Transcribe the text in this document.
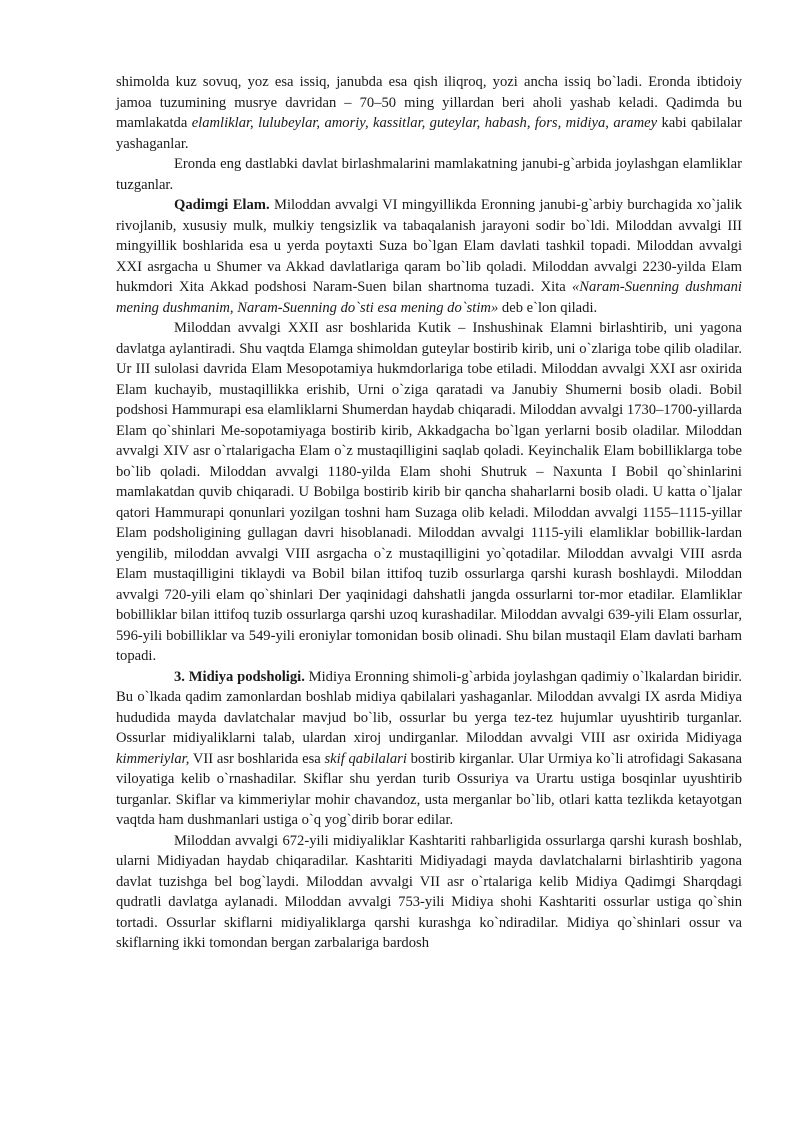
shimolda kuz sovuq, yoz esa issiq, janubda esa qish iliqroq, yozi ancha issiq bo`ladi. Eronda ibtidoiy jamoa tuzumining musrye davridan – 70–50 ming yillardan beri aholi yashab keladi. Qadimda bu mamlakatda elamliklar, lulubeylar, amoriy, kassitlar, guteylar, habash, fors, midiya, aramey kabi qabilalar yashaganlar.

Eronda eng dastlabki davlat birlashmalarini mamlakatning janubi-g`arbida joylashgan elamliklar tuzganlar.

Qadimgi Elam. Miloddan avvalgi VI mingyillikda Eronning janubi-g`arbiy burchagida xo`jalik rivojlanib, xususiy mulk, mulkiy tengsizlik va tabaqalanish jarayoni sodir bo`ldi. Miloddan avvalgi III mingyillik boshlarida esa u yerda poytaxti Suza bo`lgan Elam davlati tashkil topadi. Miloddan avvalgi XXI asrgacha u Shumer va Akkad davlatlariga qaram bo`lib qoladi. Miloddan avvalgi 2230-yilda Elam hukmdori Xita Akkad podshosi Naram-Suen bilan shartnoma tuzadi. Xita «Naram-Suenning dushmani mening dushmanim, Naram-Suenning do`sti esa mening do`stim» deb e`lon qiladi.

Miloddan avvalgi XXII asr boshlarida Kutik – Inshushinak Elamni birlashtirib, uni yagona davlatga aylantiradi. Shu vaqtda Elamga shimoldan guteylar bostirib kirib, uni o`zlariga tobe qilib oladilar. Ur III sulolasi davrida Elam Mesopotamiya hukmdorlariga tobe etiladi. Miloddan avvalgi XXI asr oxirida Elam kuchayib, mustaqillikka erishib, Urni o`ziga qaratadi va Janubiy Shumerni bosib oladi. Bobil podshosi Hammurapi esa elamliklarni Shumerdan haydab chiqaradi. Miloddan avvalgi 1730–1700-yillarda Elam qo`shinlari Me-sopotamiyaga bostirib kirib, Akkadgacha bo`lgan yerlarni bosib oladilar. Miloddan avvalgi XIV asr o`rtalarigacha Elam o`z mustaqilligini saqlab qoladi. Keyinchalik Elam bobilliklarga tobe bo`lib qoladi. Miloddan avvalgi 1180-yilda Elam shohi Shutruk – Naxunta I Bobil qo`shinlarini mamlakatdan quvib chiqaradi. U Bobilga bostirib kirib bir qancha shaharlarni bosib oladi. U katta o`ljalar qatori Hammurapi qonunlari yozilgan toshni ham Suzaga olib keladi. Miloddan avvalgi 1155–1115-yillar Elam podsholigining gullagan davri hisoblanadi. Miloddan avvalgi 1115-yili elamliklar bobillik-lardan yengilib, miloddan avvalgi VIII asrgacha o`z mustaqilligini yo`qotadilar. Miloddan avvalgi VIII asrda Elam mustaqilligini tiklaydi va Bobil bilan ittifoq tuzib ossurlarga qarshi kurash boshlaydi. Miloddan avvalgi 720-yili elam qo`shinlari Der yaqinidagi dahshatli jangda ossurlarni tor-mor etadilar. Elamliklar bobilliklar bilan ittifoq tuzib ossurlarga qarshi uzoq kurashadilar. Miloddan avvalgi 639-yili Elam ossurlar, 596-yili bobilliklar va 549-yili eroniylar tomonidan bosib olinadi. Shu bilan mustaqil Elam davlati barham topadi.

3. Midiya podsholigi. Midiya Eronning shimoli-g`arbida joylashgan qadimiy o`lkalardan biridir. Bu o`lkada qadim zamonlardan boshlab midiya qabilalari yashaganlar. Miloddan avvalgi IX asrda Midiya hududida mayda davlatchalar mavjud bo`lib, ossurlar bu yerga tez-tez hujumlar uyushtirib turganlar. Ossurlar midiyaliklarni talab, ulardan xiroj undirganlar. Miloddan avvalgi VIII asr oxirida Midiyaga kimmeriylar, VII asr boshlarida esa skif qabilalari bostirib kirganlar. Ular Urmiya ko`li atrofidagi Sakasana viloyatiga kelib o`rnashadilar. Skiflar shu yerdan turib Ossuriya va Urartu ustiga bosqinlar uyushtirib turganlar. Skiflar va kimmeriylar mohir chavandoz, usta merganlar bo`lib, otlari katta tezlikda ketayotgan vaqtda ham dushmanlari ustiga o`q yog`dirib borar edilar.

Miloddan avvalgi 672-yili midiyaliklar Kashtariti rahbarligida ossurlarga qarshi kurash boshlab, ularni Midiyadan haydab chiqaradilar. Kashtariti Midiyadagi mayda davlatchalarni birlashtirib yagona davlat tuzishga bel bog`laydi. Miloddan avvalgi VII asr o`rtalariga kelib Midiya Qadimgi Sharqdagi qudratli davlatga aylanadi. Miloddan avvalgi 753-yili Midiya shohi Kashtariti ossurlar ustiga qo`shin tortadi. Ossurlar skiflarni midiyaliklarga qarshi kurashga ko`ndiradilar. Midiya qo`shinlari ossur va skiflarning ikki tomondan bergan zarbalariga bardosh
